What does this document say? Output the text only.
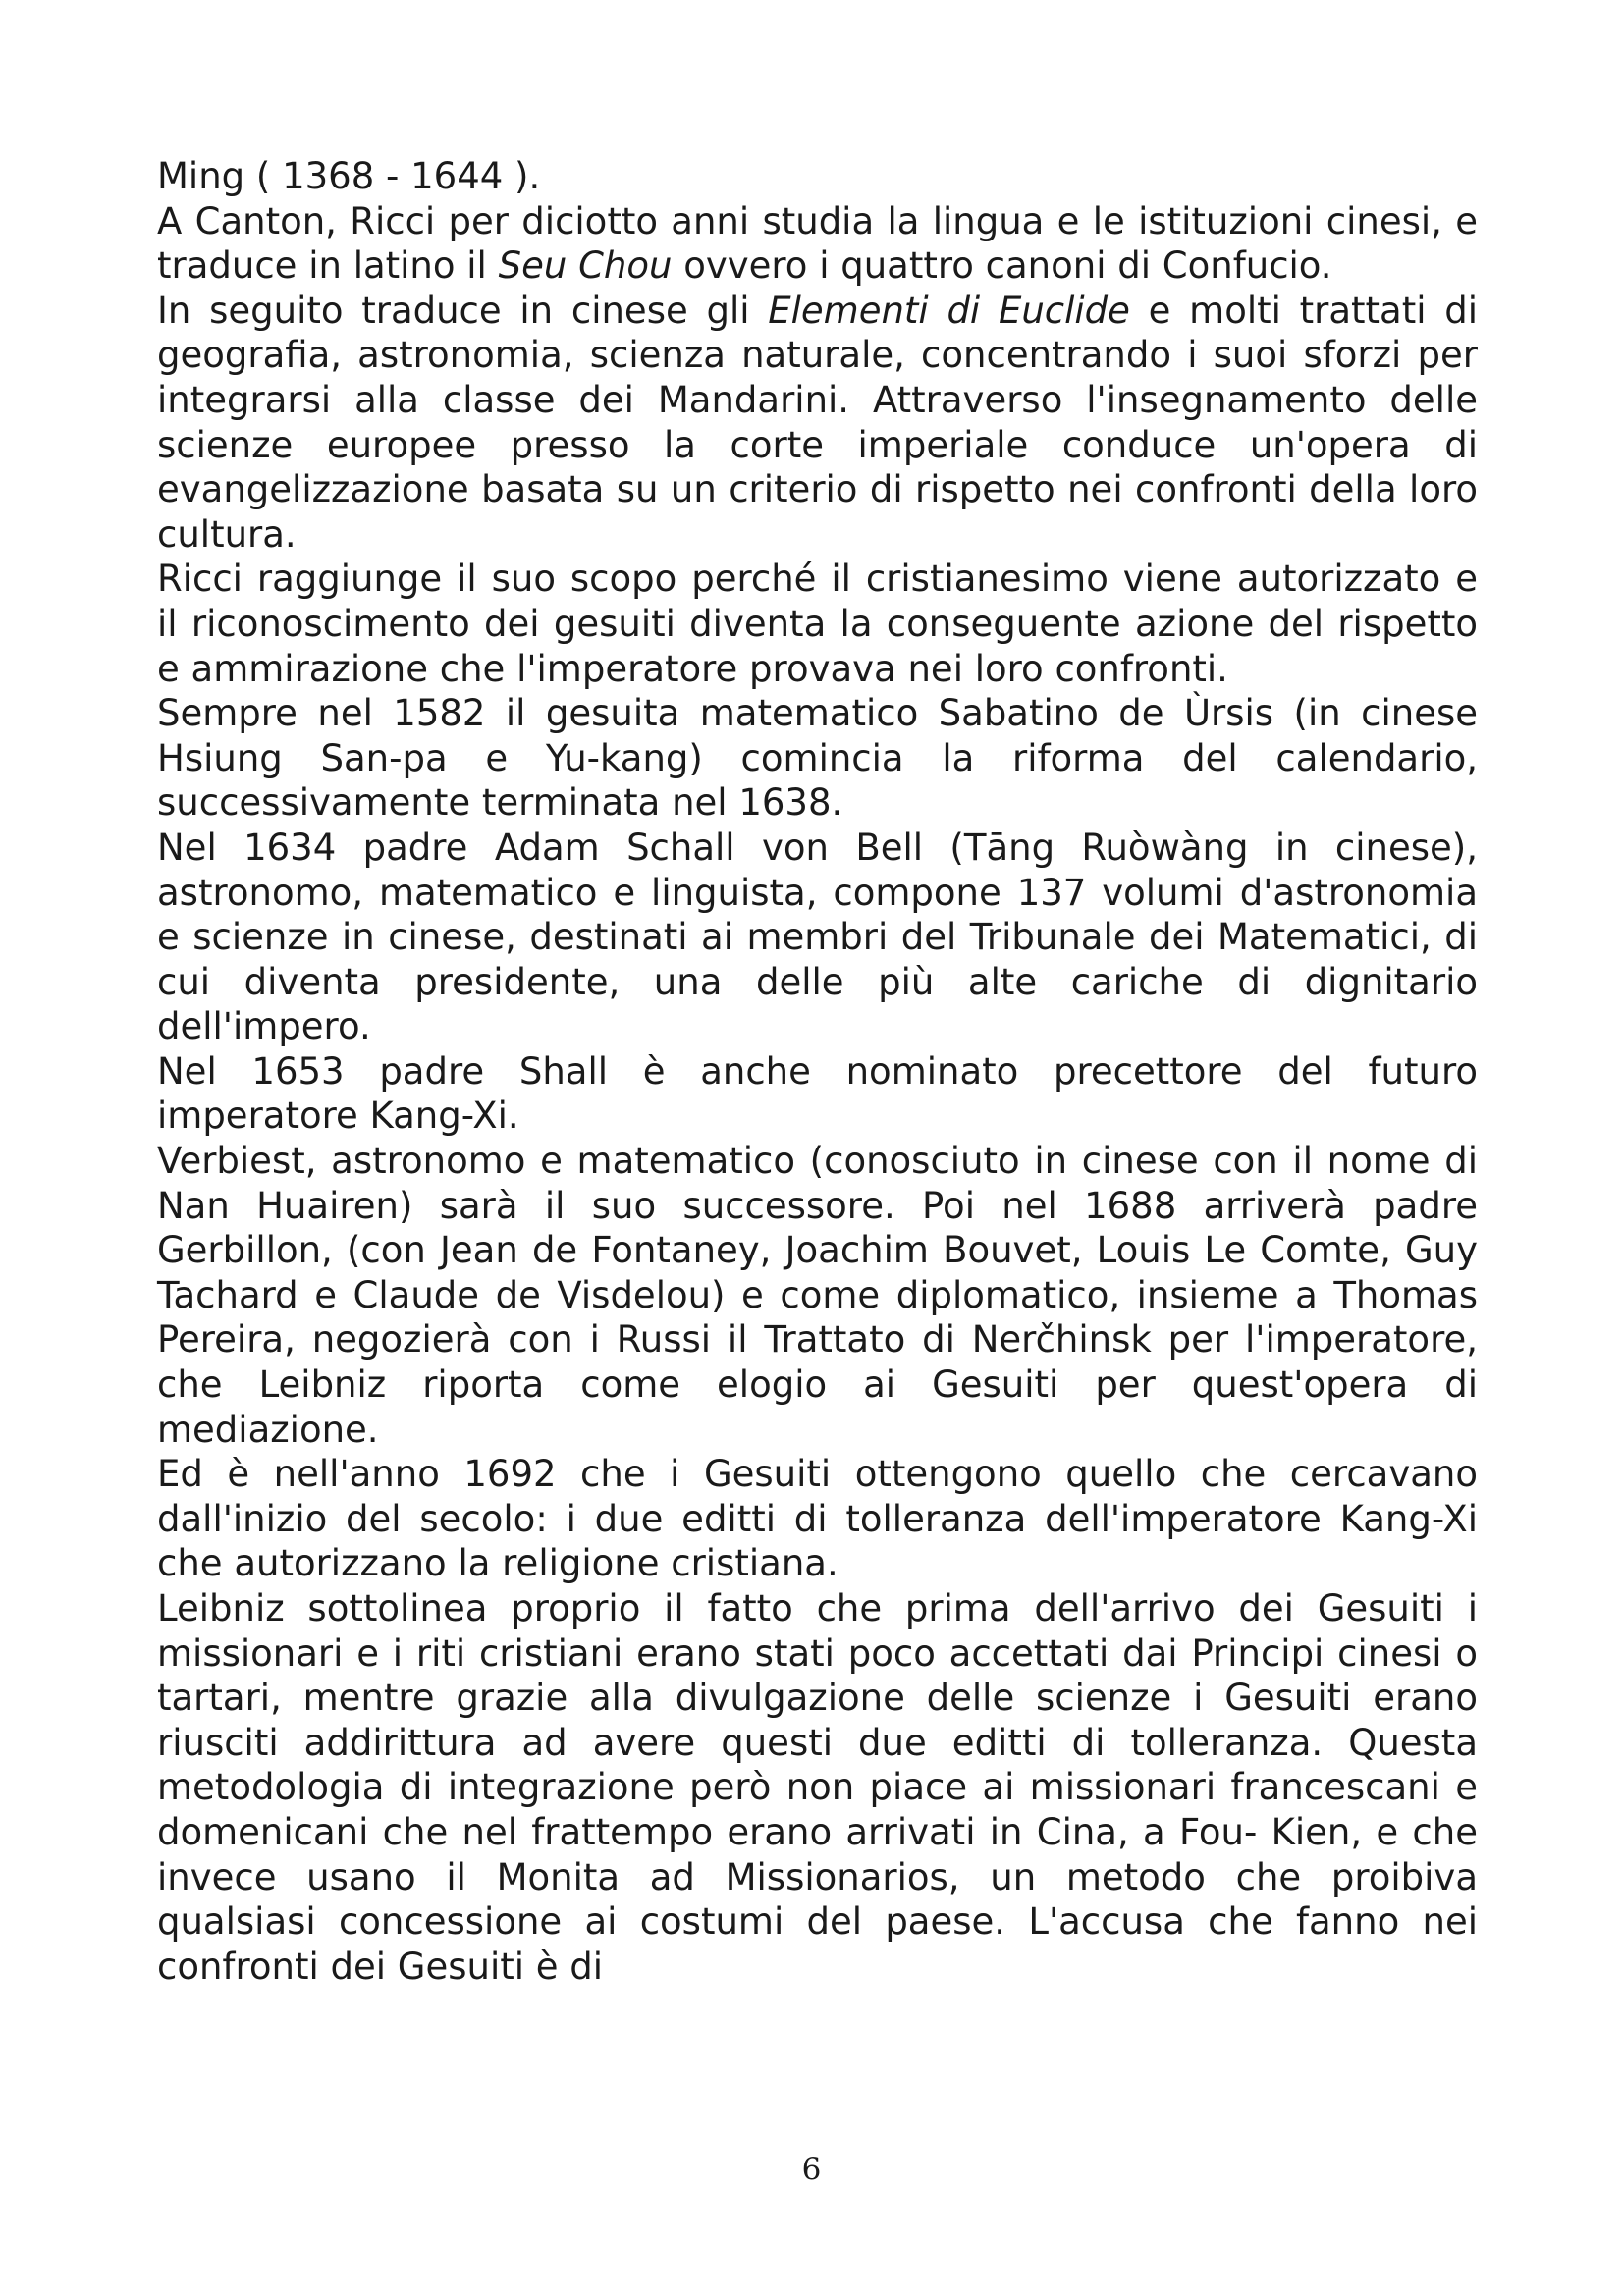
Ming ( 1368 - 1644 ).

A Canton, Ricci per diciotto anni studia la lingua e le istituzioni cinesi, e traduce in latino il Seu Chou ovvero i quattro canoni di Confucio.

In seguito traduce in cinese gli Elementi di Euclide e molti trattati di geografia, astronomia, scienza naturale, concentrando i suoi sforzi per integrarsi alla classe dei Mandarini. Attraverso l'insegnamento delle scienze europee presso la corte imperiale conduce un'opera di evangelizzazione basata su un criterio di rispetto nei confronti della loro cultura.

Ricci raggiunge il suo scopo perché il cristianesimo viene autorizzato e il riconoscimento dei gesuiti diventa la conseguente azione del rispetto e ammirazione che l'imperatore provava nei loro confronti.

Sempre nel 1582 il gesuita matematico Sabatino de Ùrsis (in cinese Hsiung San-pa e Yu-kang) comincia la riforma del calendario, successivamente terminata nel 1638.

Nel 1634 padre Adam Schall von Bell (Tāng Ruòwàng in cinese), astronomo, matematico e linguista, compone 137 volumi d'astronomia e scienze in cinese, destinati ai membri del Tribunale dei Matematici, di cui diventa presidente, una delle più alte cariche di dignitario dell'impero.

Nel 1653 padre Shall è anche nominato precettore del futuro imperatore Kang-Xi.

Verbiest, astronomo e matematico (conosciuto in cinese con il nome di Nan Huairen) sarà il suo successore. Poi nel 1688 arriverà padre Gerbillon, (con Jean de Fontaney, Joachim Bouvet, Louis Le Comte, Guy Tachard e Claude de Visdelou) e come diplomatico, insieme a Thomas Pereira, negozierà con i Russi il Trattato di Nerčhinsk per l'imperatore, che Leibniz riporta come elogio ai Gesuiti per quest'opera di mediazione.

Ed è nell'anno 1692 che i Gesuiti ottengono quello che cercavano dall'inizio del secolo: i due editti di tolleranza dell'imperatore Kang-Xi che autorizzano la religione cristiana.

Leibniz sottolinea proprio il fatto che prima dell'arrivo dei Gesuiti i missionari e i riti cristiani erano stati poco accettati dai Principi cinesi o tartari, mentre grazie alla divulgazione delle scienze i Gesuiti erano riusciti addirittura ad avere questi due editti di tolleranza. Questa metodologia di integrazione però non piace ai missionari francescani e domenicani che nel frattempo erano arrivati in Cina, a Fou- Kien, e che invece usano il Monita ad Missionarios, un metodo che proibiva qualsiasi concessione ai costumi del paese. L'accusa che fanno nei confronti dei Gesuiti è di

6
